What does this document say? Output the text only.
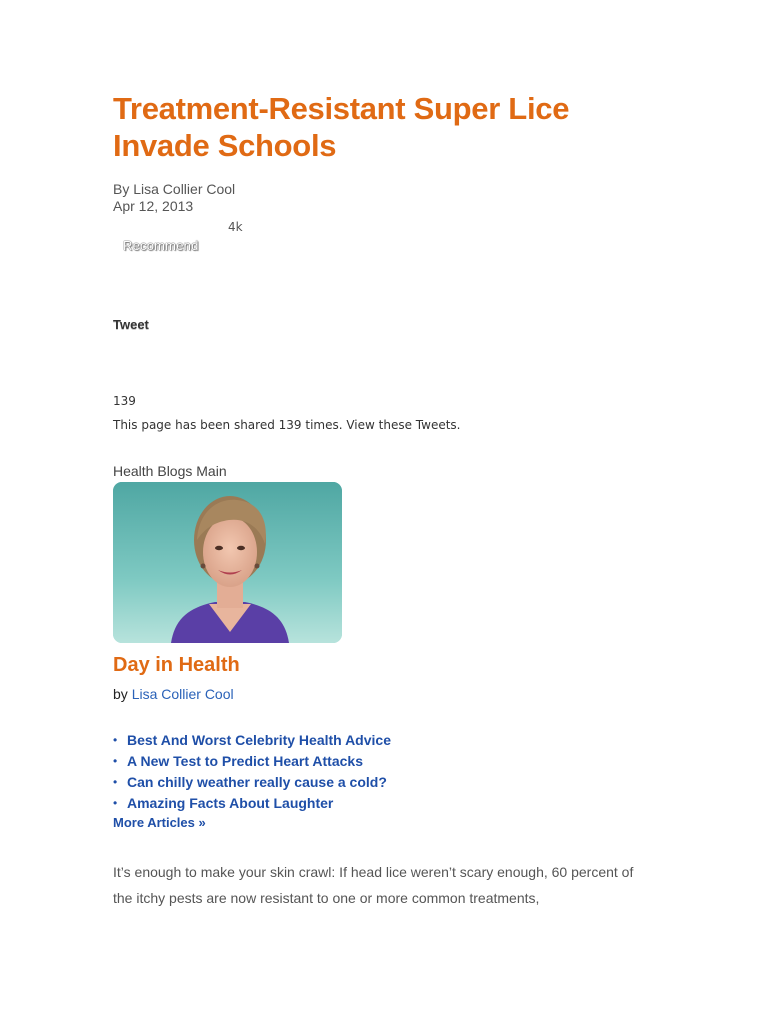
Treatment-Resistant Super Lice Invade Schools
By Lisa Collier Cool
Apr 12, 2013
4k
Recommend
Tweet
139
This page has been shared 139 times. View these Tweets.
Health Blogs Main
Day in Health
by Lisa Collier Cool
• Best And Worst Celebrity Health Advice
• A New Test to Predict Heart Attacks
• Can chilly weather really cause a cold?
• Amazing Facts About Laughter
More Articles »
It’s enough to make your skin crawl: If head lice weren’t scary enough, 60 percent of the itchy pests are now resistant to one or more common treatments,
